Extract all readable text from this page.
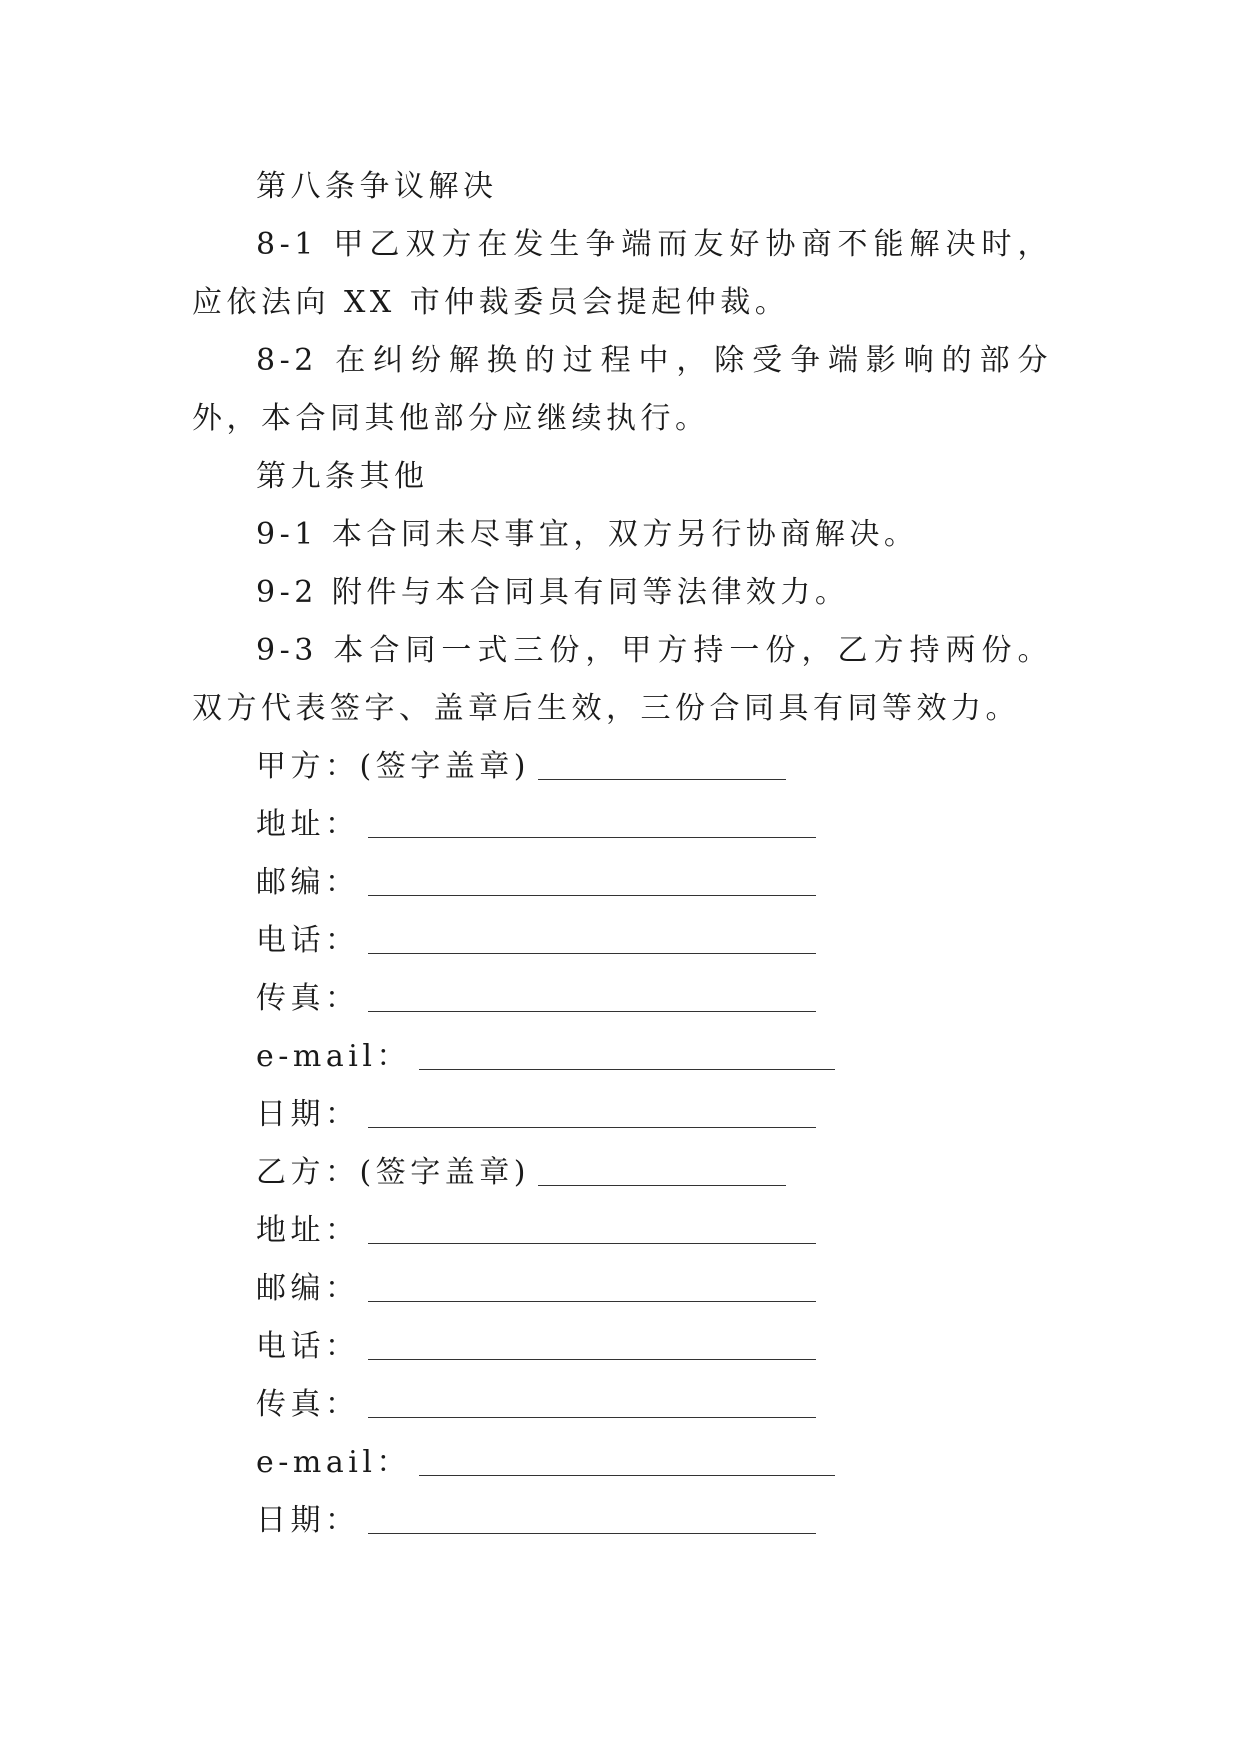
第八条争议解决

8-1 甲乙双方在发生争端而友好协商不能解决时，应依法向 XX 市仲裁委员会提起仲裁。

8-2 在纠纷解换的过程中，除受争端影响的部分外，本合同其他部分应继续执行。

第九条其他

9-1 本合同未尽事宜，双方另行协商解决。

9-2 附件与本合同具有同等法律效力。

9-3 本合同一式三份，甲方持一份，乙方持两份。双方代表签字、盖章后生效，三份合同具有同等效力。

甲方：(签字盖章)
地址：
邮编：
电话：
传真：
e-mail：
日期：
乙方：(签字盖章)
地址：
邮编：
电话：
传真：
e-mail：
日期：
